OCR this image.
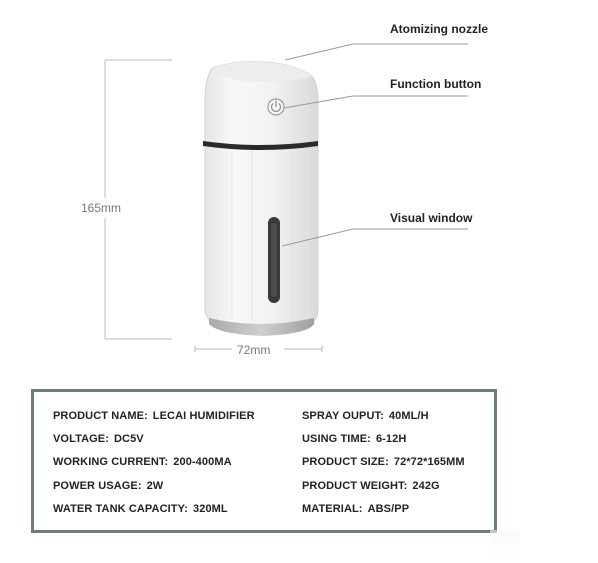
Atomizing nozzle
Function button
Visual window
165mm
72mm
PRODUCT NAME: LECAI HUMIDIFIER
VOLTAGE: DC5V
WORKING CURRENT: 200-400MA
POWER USAGE: 2W
WATER TANK CAPACITY: 320ML
SPRAY OUPUT: 40ML/H
USING TIME: 6-12H
PRODUCT SIZE: 72*72*165MM
PRODUCT WEIGHT: 242G
MATERIAL: ABS/PP
